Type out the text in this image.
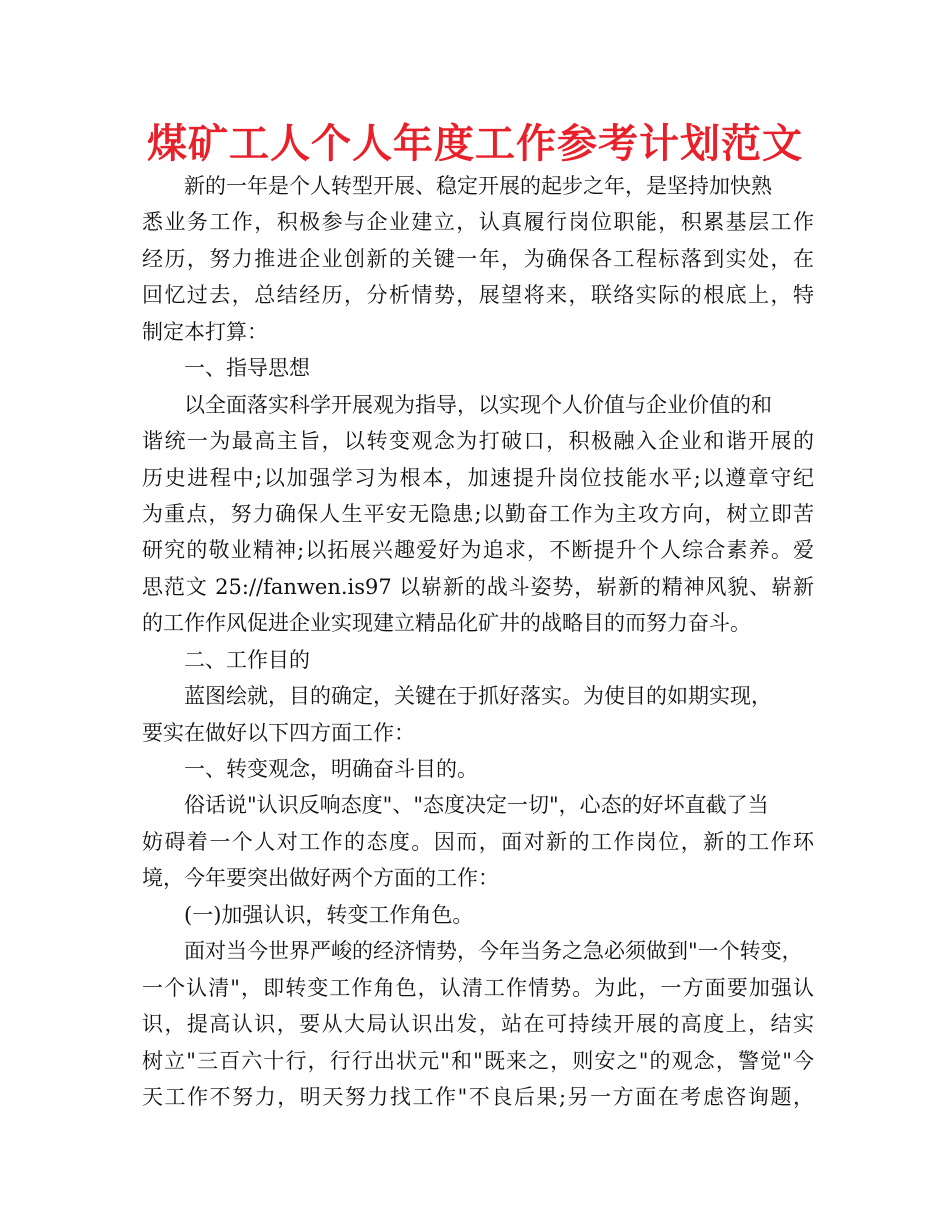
煤矿工人个人年度工作参考计划范文
新的一年是个人转型开展、稳定开展的起步之年，是坚持加快熟
悉业务工作，积极参与企业建立，认真履行岗位职能，积累基层工作
经历，努力推进企业创新的关键一年，为确保各工程标落到实处，在
回忆过去，总结经历，分析情势，展望将来，联络实际的根底上，特
制定本打算：
一、指导思想
以全面落实科学开展观为指导，以实现个人价值与企业价值的和
谐统一为最高主旨，以转变观念为打破口，积极融入企业和谐开展的
历史进程中;以加强学习为根本，加速提升岗位技能水平;以遵章守纪
为重点，努力确保人生平安无隐患;以勤奋工作为主攻方向，树立即苦
研究的敬业精神;以拓展兴趣爱好为追求，不断提升个人综合素养。爱
思范文 25://fanwen.is97 以崭新的战斗姿势，崭新的精神风貌、崭新
的工作作风促进企业实现建立精品化矿井的战略目的而努力奋斗。
二、工作目的
蓝图绘就，目的确定，关键在于抓好落实。为使目的如期实现，
要实在做好以下四方面工作：
一、转变观念，明确奋斗目的。
俗话说"认识反响态度"、"态度决定一切"，心态的好坏直截了当
妨碍着一个人对工作的态度。因而，面对新的工作岗位，新的工作环
境，今年要突出做好两个方面的工作：
(一)加强认识，转变工作角色。
面对当今世界严峻的经济情势，今年当务之急必须做到"一个转变，
一个认清"，即转变工作角色，认清工作情势。为此，一方面要加强认
识，提高认识，要从大局认识出发，站在可持续开展的高度上，结实
树立"三百六十行，行行出状元"和"既来之，则安之"的观念，警觉"今
天工作不努力，明天努力找工作"不良后果;另一方面在考虑咨询题，
